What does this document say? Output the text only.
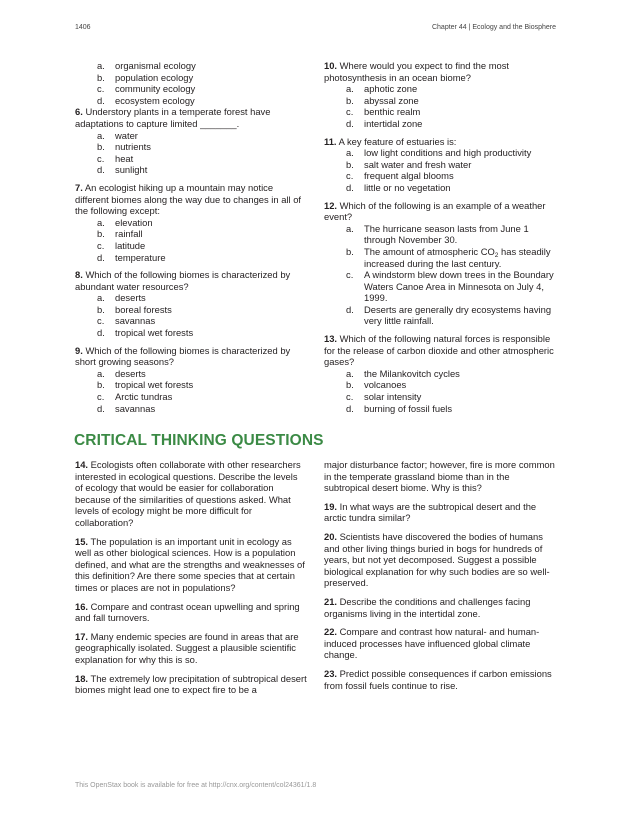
1406	Chapter 44 | Ecology and the Biosphere
a.	organismal ecology
b.	population ecology
c.	community ecology
d.	ecosystem ecology
6. Understory plants in a temperate forest have adaptations to capture limited _______.
a.	water
b.	nutrients
c.	heat
d.	sunlight
7. An ecologist hiking up a mountain may notice different biomes along the way due to changes in all of the following except:
a.	elevation
b.	rainfall
c.	latitude
d.	temperature
8. Which of the following biomes is characterized by abundant water resources?
a.	deserts
b.	boreal forests
c.	savannas
d.	tropical wet forests
9. Which of the following biomes is characterized by short growing seasons?
a.	deserts
b.	tropical wet forests
c.	Arctic tundras
d.	savannas
10. Where would you expect to find the most photosynthesis in an ocean biome?
a.	aphotic zone
b.	abyssal zone
c.	benthic realm
d.	intertidal zone
11. A key feature of estuaries is:
a.	low light conditions and high productivity
b.	salt water and fresh water
c.	frequent algal blooms
d.	little or no vegetation
12. Which of the following is an example of a weather event?
a.	The hurricane season lasts from June 1 through November 30.
b.	The amount of atmospheric $CO_2$ has steadily increased during the last century.
c.	A windstorm blew down trees in the Boundary Waters Canoe Area in Minnesota on July 4, 1999.
d.	Deserts are generally dry ecosystems having very little rainfall.
13. Which of the following natural forces is responsible for the release of carbon dioxide and other atmospheric gases?
a.	the Milankovitch cycles
b.	volcanoes
c.	solar intensity
d.	burning of fossil fuels
CRITICAL THINKING QUESTIONS
14. Ecologists often collaborate with other researchers interested in ecological questions. Describe the levels of ecology that would be easier for collaboration because of the similarities of questions asked. What levels of ecology might be more difficult for collaboration?
15. The population is an important unit in ecology as well as other biological sciences. How is a population defined, and what are the strengths and weaknesses of this definition? Are there some species that at certain times or places are not in populations?
16. Compare and contrast ocean upwelling and spring and fall turnovers.
17. Many endemic species are found in areas that are geographically isolated. Suggest a plausible scientific explanation for why this is so.
18. The extremely low precipitation of subtropical desert biomes might lead one to expect fire to be a
major disturbance factor; however, fire is more common in the temperate grassland biome than in the subtropical desert biome. Why is this?
19. In what ways are the subtropical desert and the arctic tundra similar?
20. Scientists have discovered the bodies of humans and other living things buried in bogs for hundreds of years, but not yet decomposed. Suggest a possible biological explanation for why such bodies are so well-preserved.
21. Describe the conditions and challenges facing organisms living in the intertidal zone.
22. Compare and contrast how natural- and human-induced processes have influenced global climate change.
23. Predict possible consequences if carbon emissions from fossil fuels continue to rise.
This OpenStax book is available for free at http://cnx.org/content/col24361/1.8
